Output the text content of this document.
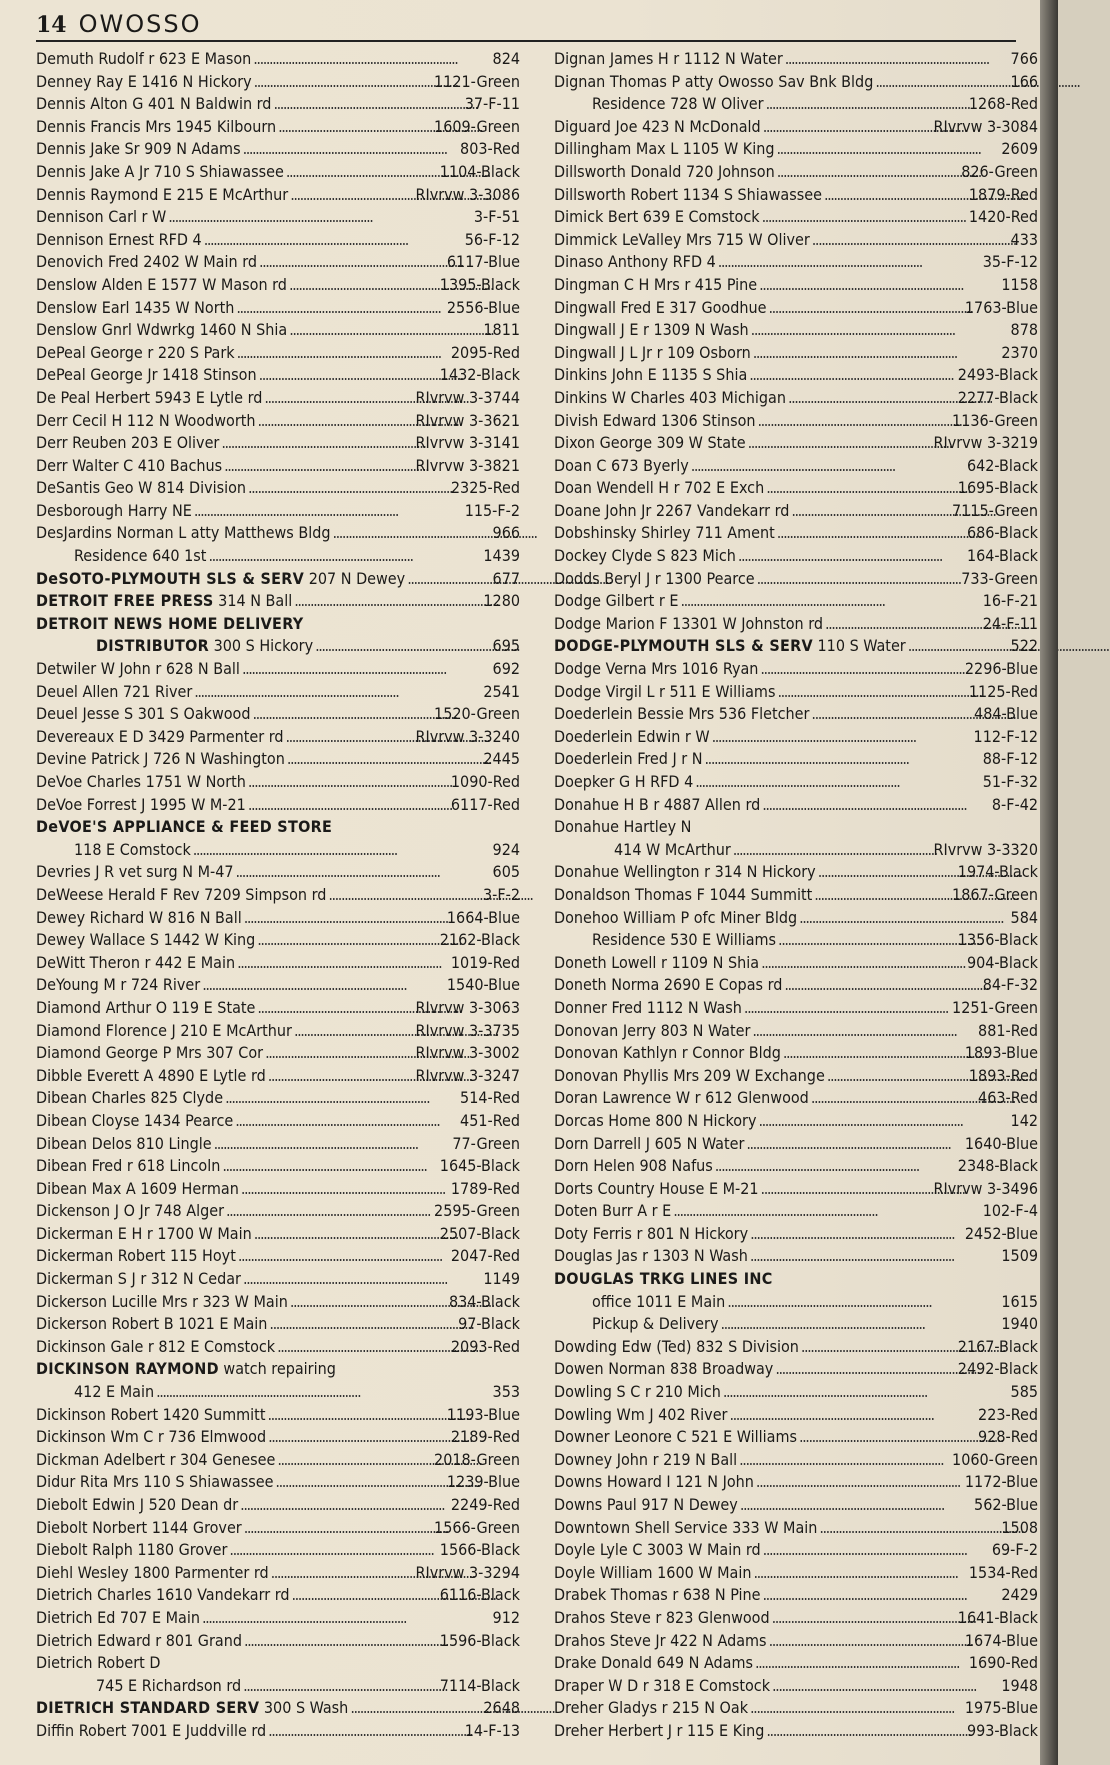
14 OWOSSO
Demuth Rudolf r 623 E Mason . . .	824
Denney Ray E 1416 N Hickory . . .	1121-Green
Dennis Alton G 401 N Baldwin rd . . .	37-F-11
Dennis Francis Mrs 1945 Kilbourn . . .	1609-Green
Dennis Jake Sr 909 N Adams . . .	803-Red
Dennis Jake A Jr 710 S Shiawassee . . .	1104-Black
Dennis Raymond E 215 E McArthur . . .	RIvrvw 3-3086
Dennison Carl r W . . .	3-F-51
Dennison Ernest RFD 4 . . .	56-F-12
Denovich Fred 2402 W Main rd . . .	6117-Blue
Denslow Alden E 1577 W Mason rd . . .	1395-Black
Denslow Earl 1435 W North . . .	2556-Blue
Denslow Gnrl Wdwrkg 1460 N Shia . . .	1811
DePeal George r 220 S Park . . .	2095-Red
DePeal George Jr 1418 Stinson . . .	1432-Black
De Peal Herbert 5943 E Lytle rd . . .	RIvrvw 3-3744
Derr Cecil H 112 N Woodworth . . .	RIvrvw 3-3621
Derr Reuben 203 E Oliver . . .	RIvrvw 3-3141
Derr Walter C 410 Bachus . . .	RIvrvw 3-3821
DeSantis Geo W 814 Division . . .	2325-Red
Desborough Harry NE . . .	115-F-2
DesJardins Norman L atty Matthews Bldg . . .	966
Residence 640 1st . . .	1439
DeSOTO-PLYMOUTH SLS & SERV 207 N Dewey . . .	677
DETROIT FREE PRESS 314 N Ball . . .	1280
DETROIT NEWS HOME DELIVERY
DISTRIBUTOR 300 S Hickory . . .	695
Detwiler W John r 628 N Ball . . .	692
Deuel Allen 721 River . . .	2541
Deuel Jesse S 301 S Oakwood . . .	1520-Green
Devereaux E D 3429 Parmenter rd . . .	RIvrvw 3-3240
Devine Patrick J 726 N Washington . . .	2445
DeVoe Charles 1751 W North . . .	1090-Red
DeVoe Forrest J 1995 W M-21 . . .	6117-Red
DeVOE'S APPLIANCE & FEED STORE
118 E Comstock . . .	924
Devries J R vet surg N M-47 . . .	605
DeWeese Herald F Rev 7209 Simpson rd . . .	3-F-2
Dewey Richard W 816 N Ball . . .	1664-Blue
Dewey Wallace S 1442 W King . . .	2162-Black
DeWitt Theron r 442 E Main . . .	1019-Red
DeYoung M r 724 River . . .	1540-Blue
Diamond Arthur O 119 E State . . .	RIvrvw 3-3063
Diamond Florence J 210 E McArthur . . .	RIvrvw 3-3735
Diamond George P Mrs 307 Cor . . .	RIvrvw 3-3002
Dibble Everett A 4890 E Lytle rd . . .	RIvrvw 3-3247
Dibean Charles 825 Clyde . . .	514-Red
Dibean Cloyse 1434 Pearce . . .	451-Red
Dibean Delos 810 Lingle . . .	77-Green
Dibean Fred r 618 Lincoln . . .	1645-Black
Dibean Max A 1609 Herman . . .	1789-Red
Dickenson J O Jr 748 Alger . . .	2595-Green
Dickerman E H r 1700 W Main . . .	2507-Black
Dickerman Robert 115 Hoyt . . .	2047-Red
Dickerman S J r 312 N Cedar . . .	1149
Dickerson Lucille Mrs r 323 W Main . . .	834-Black
Dickerson Robert B 1021 E Main . . .	97-Black
Dickinson Gale r 812 E Comstock . . .	2093-Red
DICKINSON RAYMOND watch repairing
412 E Main . . .	353
Dickinson Robert 1420 Summitt . . .	1193-Blue
Dickinson Wm C r 736 Elmwood . . .	2189-Red
Dickman Adelbert r 304 Genesee . . .	2018-Green
Didur Rita Mrs 110 S Shiawassee . . .	1239-Blue
Diebolt Edwin J 520 Dean dr . . .	2249-Red
Diebolt Norbert 1144 Grover . . .	1566-Green
Diebolt Ralph 1180 Grover . . .	1566-Black
Diehl Wesley 1800 Parmenter rd . . .	RIvrvw 3-3294
Dietrich Charles 1610 Vandekarr rd . . .	6116-Black
Dietrich Ed 707 E Main . . .	912
Dietrich Edward r 801 Grand . . .	1596-Black
Dietrich Robert D
745 E Richardson rd . . .	7114-Black
DIETRICH STANDARD SERV 300 S Wash . . .	2648
Diffin Robert 7001 E Juddville rd . . .	14-F-13
Dignan James H r 1112 N Water . . .	766
Dignan Thomas P atty Owosso Sav Bnk Bldg . . .	166
Residence 728 W Oliver . . .	1268-Red
Diguard Joe 423 N McDonald . . .	RIvrvw 3-3084
Dillingham Max L 1105 W King . . .	2609
Dillsworth Donald 720 Johnson . . .	826-Green
Dillsworth Robert 1134 S Shiawassee . . .	1879-Red
Dimick Bert 639 E Comstock . . .	1420-Red
Dimmick LeValley Mrs 715 W Oliver . . .	433
Dinaso Anthony RFD 4 . . .	35-F-12
Dingman C H Mrs r 415 Pine . . .	1158
Dingwall Fred E 317 Goodhue . . .	1763-Blue
Dingwall J E r 1309 N Wash . . .	878
Dingwall J L Jr r 109 Osborn . . .	2370
Dinkins John E 1135 S Shia . . .	2493-Black
Dinkins W Charles 403 Michigan . . .	2277-Black
Divish Edward 1306 Stinson . . .	1136-Green
Dixon George 309 W State . . .	RIvrvw 3-3219
Doan C 673 Byerly . . .	642-Black
Doan Wendell H r 702 E Exch . . .	1695-Black
Doane John Jr 2267 Vandekarr rd . . .	7115-Green
Dobshinsky Shirley 711 Ament . . .	686-Black
Dockey Clyde S 823 Mich . . .	164-Black
Dodds Beryl J r 1300 Pearce . . .	733-Green
Dodge Gilbert r E . . .	16-F-21
Dodge Marion F 13301 W Johnston rd . . .	24-F-11
DODGE-PLYMOUTH SLS & SERV 110 S Water . . .	522
Dodge Verna Mrs 1016 Ryan . . .	2296-Blue
Dodge Virgil L r 511 E Williams . . .	1125-Red
Doederlein Bessie Mrs 536 Fletcher . . .	484-Blue
Doederlein Edwin r W . . .	112-F-12
Doederlein Fred J r N . . .	88-F-12
Doepker G H RFD 4 . . .	51-F-32
Donahue H B r 4887 Allen rd . . .	8-F-42
Donahue Hartley N
414 W McArthur . . .	RIvrvw 3-3320
Donahue Wellington r 314 N Hickory . . .	1974-Black
Donaldson Thomas F 1044 Summitt . . .	1867-Green
Donehoo William P ofc Miner Bldg . . .	584
Residence 530 E Williams . . .	1356-Black
Doneth Lowell r 1109 N Shia . . .	904-Black
Doneth Norma 2690 E Copas rd . . .	84-F-32
Donner Fred 1112 N Wash . . .	1251-Green
Donovan Jerry 803 N Water . . .	881-Red
Donovan Kathlyn r Connor Bldg . . .	1893-Blue
Donovan Phyllis Mrs 209 W Exchange . . .	1893-Red
Doran Lawrence W r 612 Glenwood . . .	463-Red
Dorcas Home 800 N Hickory . . .	142
Dorn Darrell J 605 N Water . . .	1640-Blue
Dorn Helen 908 Nafus . . .	2348-Black
Dorts Country House E M-21 . . .	RIvrvw 3-3496
Doten Burr A r E . . .	102-F-4
Doty Ferris r 801 N Hickory . . .	2452-Blue
Douglas Jas r 1303 N Wash . . .	1509
DOUGLAS TRKG LINES INC
office 1011 E Main . . .	1615
Pickup & Delivery . . .	1940
Dowding Edw (Ted) 832 S Division . . .	2167-Black
Dowen Norman 838 Broadway . . .	2492-Black
Dowling S C r 210 Mich . . .	585
Dowling Wm J 402 River . . .	223-Red
Downer Leonore C 521 E Williams . . .	928-Red
Downey John r 219 N Ball . . .	1060-Green
Downs Howard I 121 N John . . .	1172-Blue
Downs Paul 917 N Dewey . . .	562-Blue
Downtown Shell Service 333 W Main . . .	1508
Doyle Lyle C 3003 W Main rd . . .	69-F-2
Doyle William 1600 W Main . . .	1534-Red
Drabek Thomas r 638 N Pine . . .	2429
Drahos Steve r 823 Glenwood . . .	1641-Black
Drahos Steve Jr 422 N Adams . . .	1674-Blue
Drake Donald 649 N Adams . . .	1690-Red
Draper W D r 318 E Comstock . . .	1948
Dreher Gladys r 215 N Oak . . .	1975-Blue
Dreher Herbert J r 115 E King . . .	993-Black
